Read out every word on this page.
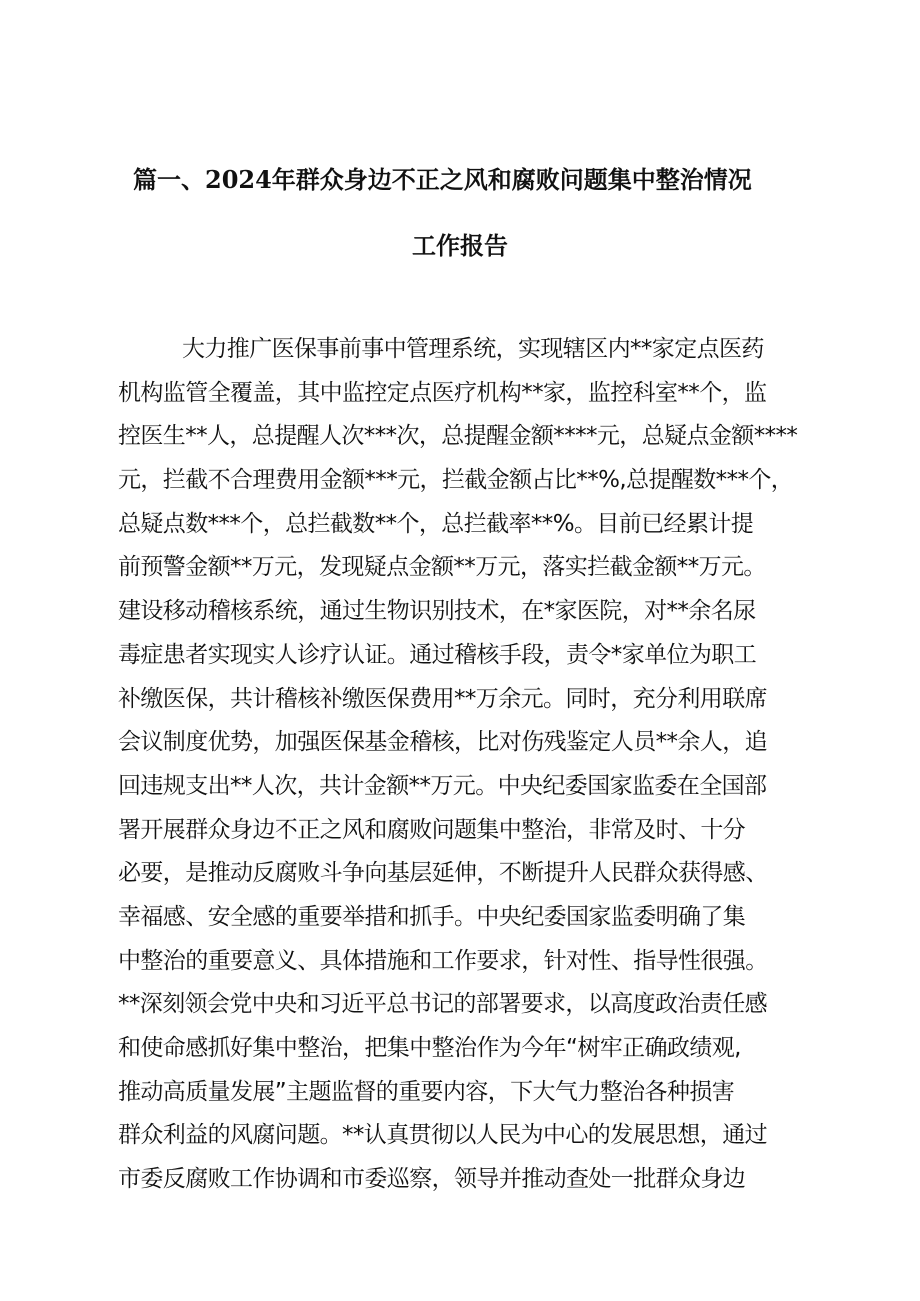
篇一、2024年群众身边不正之风和腐败问题集中整治情况
工作报告
大力推广医保事前事中管理系统，实现辖区内**家定点医药
机构监管全覆盖，其中监控定点医疗机构**家，监控科室**个，监
控医生**人，总提醒人次***次，总提醒金额****元，总疑点金额****
元，拦截不合理费用金额***元，拦截金额占比**%,总提醒数***个，
总疑点数***个，总拦截数**个，总拦截率**%。目前已经累计提
前预警金额**万元，发现疑点金额**万元，落实拦截金额**万元。
建设移动稽核系统，通过生物识别技术，在*家医院，对**余名尿
毒症患者实现实人诊疗认证。通过稽核手段，责令*家单位为职工
补缴医保，共计稽核补缴医保费用**万余元。同时，充分利用联席
会议制度优势，加强医保基金稽核，比对伤残鉴定人员**余人，追
回违规支出**人次，共计金额**万元。中央纪委国家监委在全国部
署开展群众身边不正之风和腐败问题集中整治，非常及时、十分
必要，是推动反腐败斗争向基层延伸，不断提升人民群众获得感、
幸福感、安全感的重要举措和抓手。中央纪委国家监委明确了集
中整治的重要意义、具体措施和工作要求，针对性、指导性很强。
**深刻领会党中央和习近平总书记的部署要求，以高度政治责任感
和使命感抓好集中整治，把集中整治作为今年“树牢正确政绩观,
推动高质量发展”主题监督的重要内容，下大气力整治各种损害
群众利益的风腐问题。**认真贯彻以人民为中心的发展思想，通过
市委反腐败工作协调和市委巡察，领导并推动查处一批群众身边
